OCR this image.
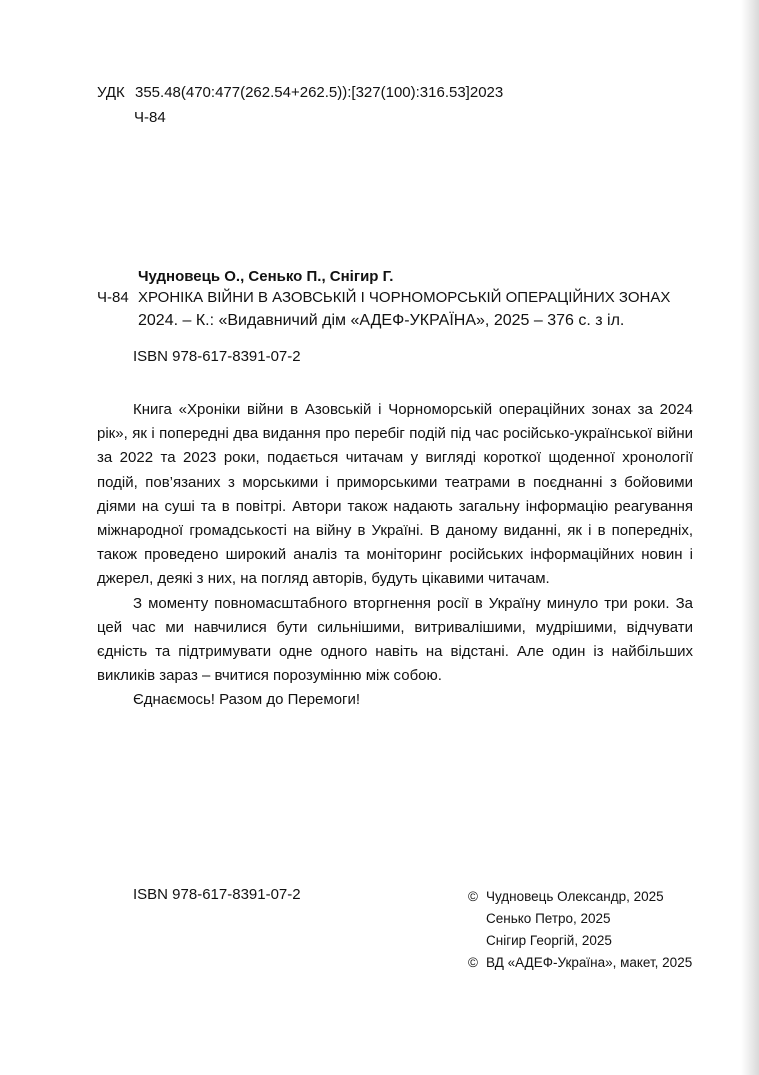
УДК 355.48(470:477(262.54+262.5)):[327(100):316.53]2023
Ч-84
Чудновець О., Сенько П., Снігир Г.
Ч-84 ХРОНІКА ВІЙНИ В АЗОВСЬКІЙ І ЧОРНОМОРСЬКІЙ ОПЕРАЦІЙНИХ ЗОНАХ
2024. – К.: «Видавничий дім «АДЕФ-УКРАЇНА», 2025 – 376 с. з іл.
ISBN 978-617-8391-07-2

Книга «Хроніки війни в Азовській і Чорноморській операційних зонах за 2024 рік», як і попередні два видання про перебіг подій під час російсько-української війни за 2022 та 2023 роки, подається читачам у вигляді короткої щоденної хронології подій, пов’язаних з морськими і приморськими театрами в поєднанні з бойовими діями на суші та в повітрі. Автори також надають загальну інформацію реагування міжнародної громадськості на війну в Україні. В даному виданні, як і в попередніх, також проведено широкий аналіз та моніторинг російських інформаційних новин і джерел, деякі з них, на погляд авторів, будуть цікавими читачам.

З моменту повномасштабного вторгнення росії в Україну минуло три роки. За цей час ми навчилися бути сильнішими, витривалішими, мудрішими, відчувати єдність та підтримувати одне одного навіть на відстані. Але один із найбільших викликів зараз – вчитися порозумінню між собою.

Єднаємось! Разом до Перемоги!

ISBN 978-617-8391-07-2	© Чудновець Олександр, 2025
Сенько Петро, 2025
Снігир Георгій, 2025
© ВД «АДЕФ-Україна», макет, 2025
